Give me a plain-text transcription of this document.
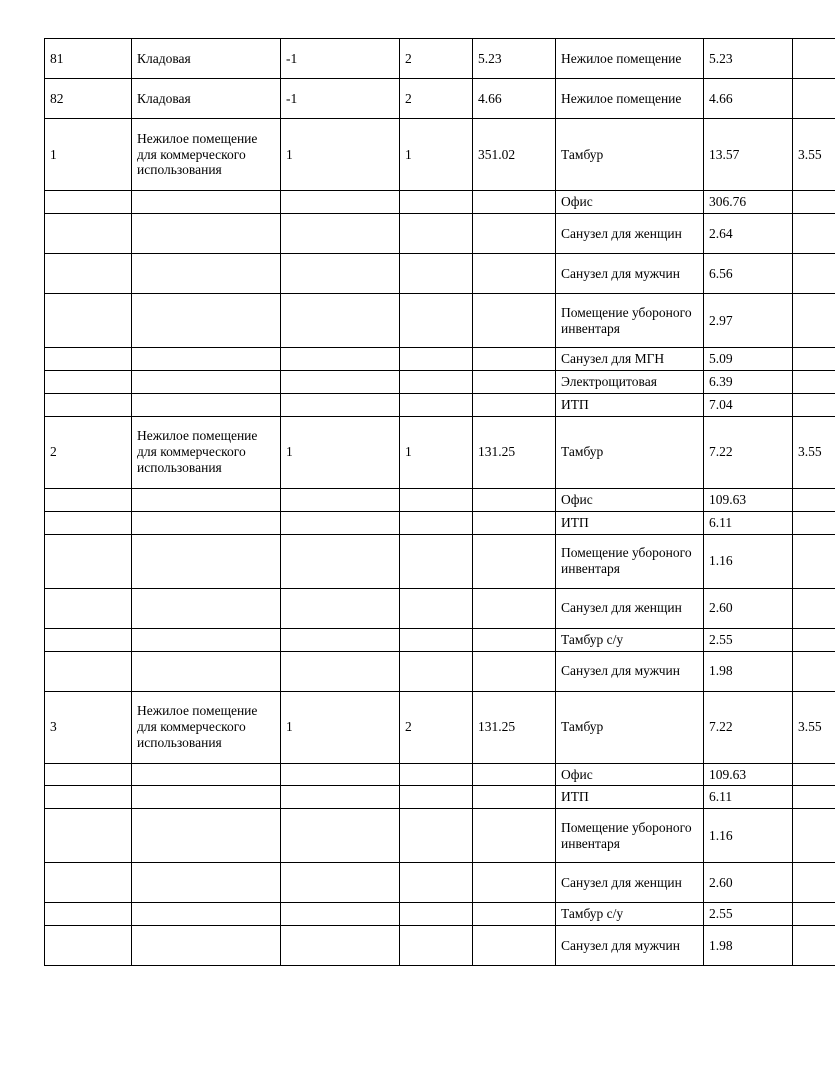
81	Кладовая	-1	2	5.23	Нежилое помещение	5.23	
82	Кладовая	-1	2	4.66	Нежилое помещение	4.66	
1	Нежилое помещение для коммерческого использования	1	1	351.02	Тамбур	13.57	3.55
					Офис	306.76	
					Санузел для женщин	2.64	
					Санузел для мужчин	6.56	
					Помещение убороного инвентаря	2.97	
					Санузел для МГН	5.09	
					Электрощитовая	6.39	
					ИТП	7.04	
2	Нежилое помещение для коммерческого использования	1	1	131.25	Тамбур	7.22	3.55
					Офис	109.63	
					ИТП	6.11	
					Помещение убороного инвентаря	1.16	
					Санузел для женщин	2.60	
					Тамбур с/у	2.55	
					Санузел для мужчин	1.98	
3	Нежилое помещение для коммерческого использования	1	2	131.25	Тамбур	7.22	3.55
					Офис	109.63	
					ИТП	6.11	
					Помещение убороного инвентаря	1.16	
					Санузел для женщин	2.60	
					Тамбур с/у	2.55	
					Санузел для мужчин	1.98	
